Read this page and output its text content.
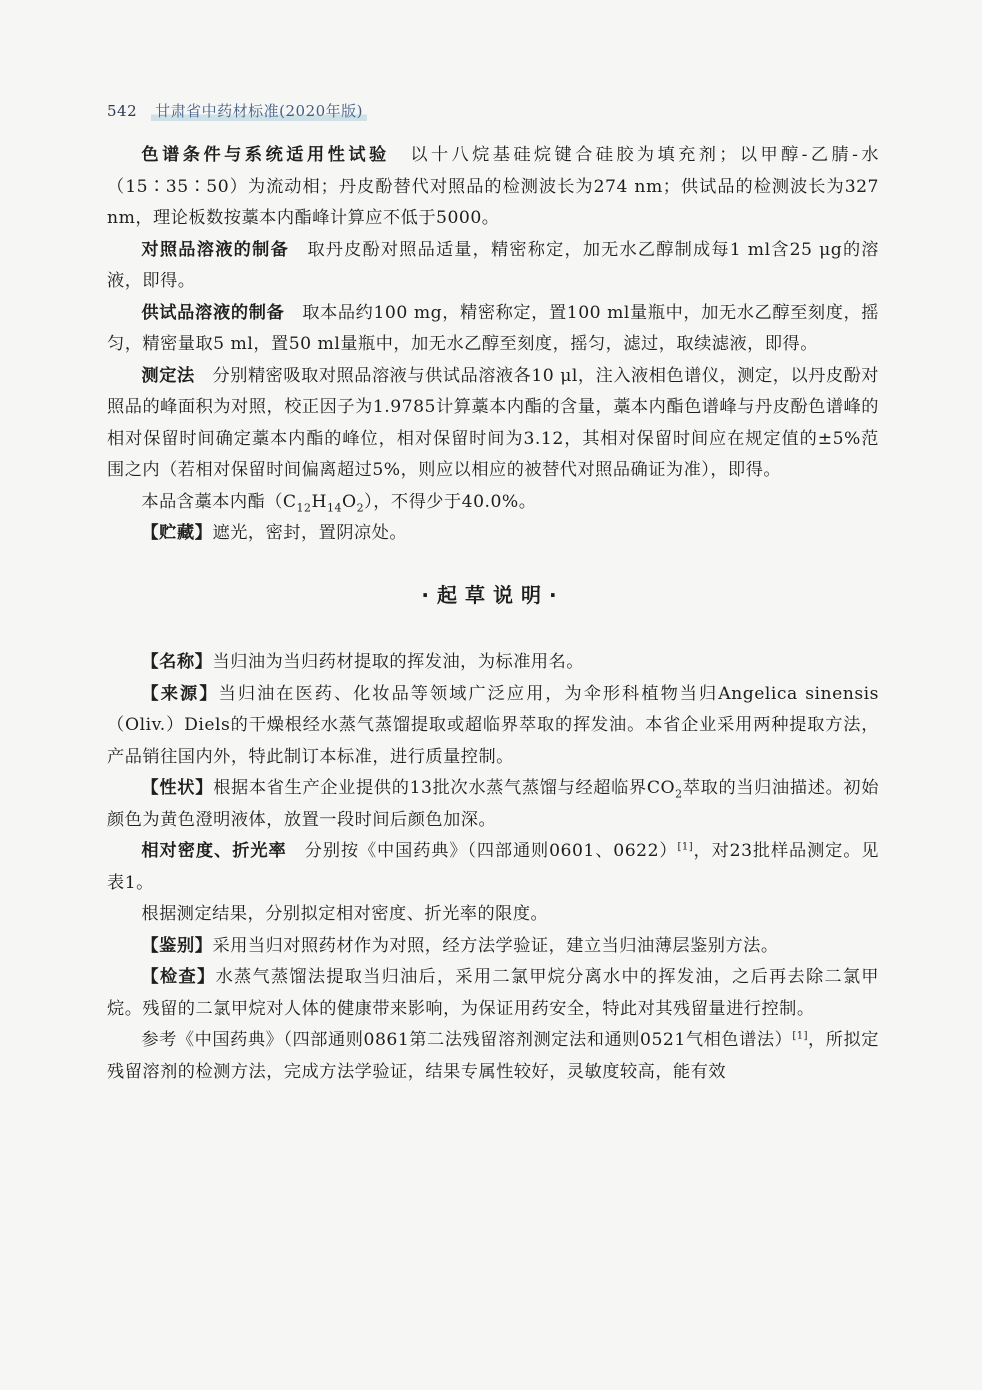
542 甘肃省中药材标准(2020年版)

色谱条件与系统适用性试验　 以十八烷基硅烷键合硅胶为填充剂；以甲醇-乙腈-水（15∶35∶50）为流动相；丹皮酚替代对照品的检测波长为274 nm；供试品的检测波长为327 nm，理论板数按藁本内酯峰计算应不低于5000。

对照品溶液的制备　 取丹皮酚对照品适量，精密称定，加无水乙醇制成每1 ml含25 μg的溶液，即得。

供试品溶液的制备　 取本品约100 mg，精密称定，置100 ml量瓶中，加无水乙醇至刻度，摇匀，精密量取5 ml，置50 ml量瓶中，加无水乙醇至刻度，摇匀，滤过，取续滤液，即得。

测定法　 分别精密吸取对照品溶液与供试品溶液各10 μl，注入液相色谱仪，测定，以丹皮酚对照品的峰面积为对照，校正因子为1.9785计算藁本内酯的含量，藁本内酯色谱峰与丹皮酚色谱峰的相对保留时间确定藁本内酯的峰位，相对保留时间为3.12，其相对保留时间应在规定值的±5%范围之内（若相对保留时间偏离超过5%，则应以相应的被替代对照品确证为准），即得。

本品含藁本内酯$(C_{12}H_{14}O_2)$，不得少于40.0%。

【贮藏】遮光，密封，置阴凉处。

·起草说明·

【名称】当归油为当归药材提取的挥发油，为标准用名。

【来源】当归油在医药、化妆品等领域广泛应用，为伞形科植物当归Angelica sinensis（Oliv.）Diels的干燥根经水蒸气蒸馏提取或超临界萃取的挥发油。本省企业采用两种提取方法，产品销往国内外，特此制订本标准，进行质量控制。

【性状】根据本省生产企业提供的13批次水蒸气蒸馏与经超临界$CO_2$萃取的当归油描述。初始颜色为黄色澄明液体，放置一段时间后颜色加深。

相对密度、折光率　 分别按《中国药典》（四部通则0601、0622）[1]，对23批样品测定。见表1。

根据测定结果，分别拟定相对密度、折光率的限度。

【鉴别】采用当归对照药材作为对照，经方法学验证，建立当归油薄层鉴别方法。

【检查】水蒸气蒸馏法提取当归油后，采用二氯甲烷分离水中的挥发油，之后再去除二氯甲烷。残留的二氯甲烷对人体的健康带来影响，为保证用药安全，特此对其残留量进行控制。

参考《中国药典》（四部通则0861第二法残留溶剂测定法和通则0521气相色谱法）[1]，所拟定残留溶剂的检测方法，完成方法学验证，结果专属性较好，灵敏度较高，能有效
